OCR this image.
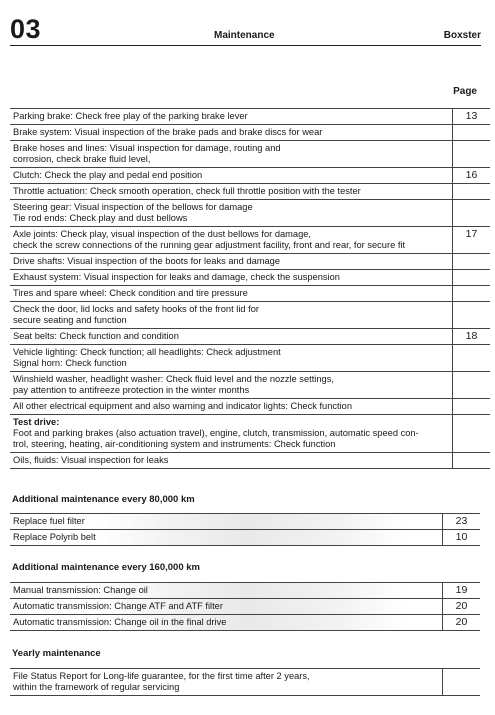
03	Maintenance	Boxster
Page
Parking brake: Check free play of the parking brake lever	13
Brake system: Visual inspection of the brake pads and brake discs for wear	
Brake hoses and lines: Visual inspection for damage, routing and
corrosion, check brake fluid level,	
Clutch: Check the play and pedal end position	16
Throttle actuation: Check smooth operation, check full throttle position with the tester	
Steering gear: Visual inspection of the bellows for damage
Tie rod ends: Check play and dust bellows	
Axle joints: Check play, visual inspection of the dust bellows for damage,
check the screw connections of the running gear adjustment facility, front and rear, for secure fit	17
Drive shafts: Visual inspection of the boots for leaks and damage	
Exhaust system: Visual inspection for leaks and damage, check the suspension	
Tires and spare wheel: Check condition and tire pressure	
Check the door, lid locks and safety hooks of the front lid for
secure seating and function	
Seat belts: Check function and condition	18
Vehicle lighting: Check function; all headlights: Check adjustment
Signal horn: Check function	
Winshield washer, headlight washer: Check fluid level and the nozzle settings,
pay attention to antifreeze protection in the winter months	
All other electrical equipment and also warning and indicator lights: Check function	
Test drive:
Foot and parking brakes (also actuation travel), engine, clutch, transmission, automatic speed con-
trol, steering, heating, air-conditioning system and instruments: Check function	
Oils, fluids: Visual inspection for leaks	
Additional maintenance every 80,000 km
Replace fuel filter	23
Replace Polyrib belt	10
Additional maintenance every 160,000 km
Manual transmission: Change oil	19
Automatic transmission: Change ATF and ATF filter	20
Automatic transmission: Change oil in the final drive	20
Yearly maintenance
File Status Report for Long-life guarantee, for the first time after 2 years,
within the framework of regular servicing	
